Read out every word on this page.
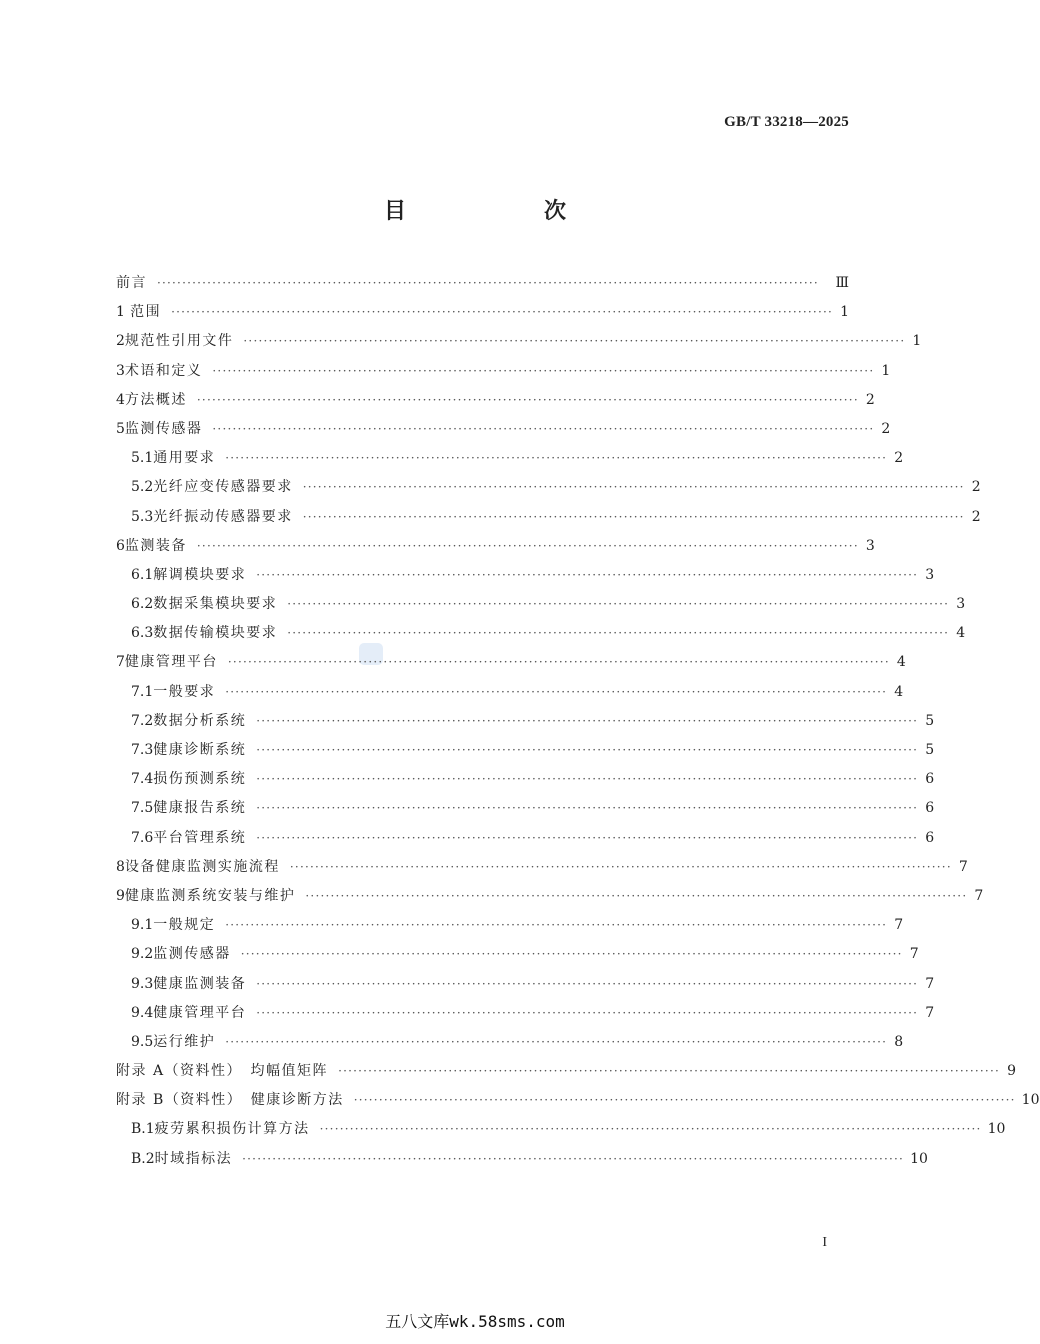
GB/T 33218—2025
目　次
前言 ····································································································································	Ⅲ
1 范围 ···································································································································· 1
2 规范性引用文件 ···································································································································· 1
3 术语和定义 ···································································································································· 1
4 方法概述 ···································································································································· 2
5 监测传感器 ···································································································································· 2
5.1 通用要求 ···································································································································· 2
5.2 光纤应变传感器要求 ···································································································································· 2
5.3 光纤振动传感器要求 ···································································································································· 2
6 监测装备 ···································································································································· 3
6.1 解调模块要求 ···································································································································· 3
6.2 数据采集模块要求 ···································································································································· 3
6.3 数据传输模块要求 ···································································································································· 4
7 健康管理平台 ···································································································································· 4
7.1 一般要求 ···································································································································· 4
7.2 数据分析系统 ···································································································································· 5
7.3 健康诊断系统 ···································································································································· 5
7.4 损伤预测系统 ···································································································································· 6
7.5 健康报告系统 ···································································································································· 6
7.6 平台管理系统 ···································································································································· 6
8 设备健康监测实施流程 ···································································································································· 7
9 健康监测系统安装与维护 ···································································································································· 7
9.1 一般规定 ···································································································································· 7
9.2 监测传感器 ···································································································································· 7
9.3 健康监测装备 ···································································································································· 7
9.4 健康管理平台 ···································································································································· 7
9.5 运行维护 ···································································································································· 8
附录 A（资料性）　均幅值矩阵 ···································································································································· 9
附录 B（资料性）　健康诊断方法 ···································································································································· 10
B.1 疲劳累积损伤计算方法 ···································································································································· 10
B.2 时域指标法 ···································································································································· 10
I
五八文库wk.58sms.com
